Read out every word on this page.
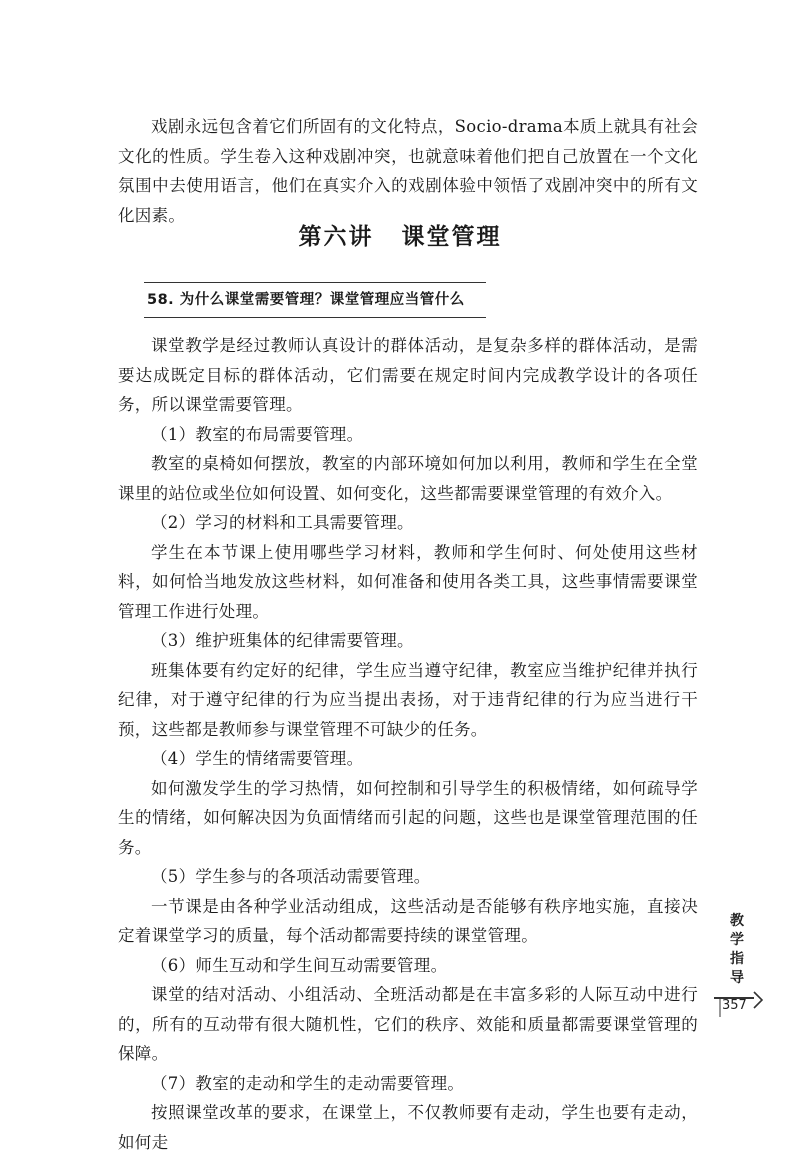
戏剧永远包含着它们所固有的文化特点，Socio-drama本质上就具有社会文化的性质。学生卷入这种戏剧冲突，也就意味着他们把自己放置在一个文化氛围中去使用语言，他们在真实介入的戏剧体验中领悟了戏剧冲突中的所有文化因素。

第六讲 课堂管理
58. 为什么课堂需要管理？课堂管理应当管什么

课堂教学是经过教师认真设计的群体活动，是复杂多样的群体活动，是需要达成既定目标的群体活动，它们需要在规定时间内完成教学设计的各项任务，所以课堂需要管理。

（1）教室的布局需要管理。

教室的桌椅如何摆放，教室的内部环境如何加以利用，教师和学生在全堂课里的站位或坐位如何设置、如何变化，这些都需要课堂管理的有效介入。

（2）学习的材料和工具需要管理。

学生在本节课上使用哪些学习材料，教师和学生何时、何处使用这些材料，如何恰当地发放这些材料，如何准备和使用各类工具，这些事情需要课堂管理工作进行处理。

（3）维护班集体的纪律需要管理。

班集体要有约定好的纪律，学生应当遵守纪律，教室应当维护纪律并执行纪律，对于遵守纪律的行为应当提出表扬，对于违背纪律的行为应当进行干预，这些都是教师参与课堂管理不可缺少的任务。

（4）学生的情绪需要管理。

如何激发学生的学习热情，如何控制和引导学生的积极情绪，如何疏导学生的情绪，如何解决因为负面情绪而引起的问题，这些也是课堂管理范围的任务。

（5）学生参与的各项活动需要管理。

一节课是由各种学业活动组成，这些活动是否能够有秩序地实施，直接决定着课堂学习的质量，每个活动都需要持续的课堂管理。

（6）师生互动和学生间互动需要管理。

课堂的结对活动、小组活动、全班活动都是在丰富多彩的人际互动中进行的，所有的互动带有很大随机性，它们的秩序、效能和质量都需要课堂管理的保障。

（7）教室的走动和学生的走动需要管理。

按照课堂改革的要求，在课堂上，不仅教师要有走动，学生也要有走动，如何走

教
学
指
导
357
